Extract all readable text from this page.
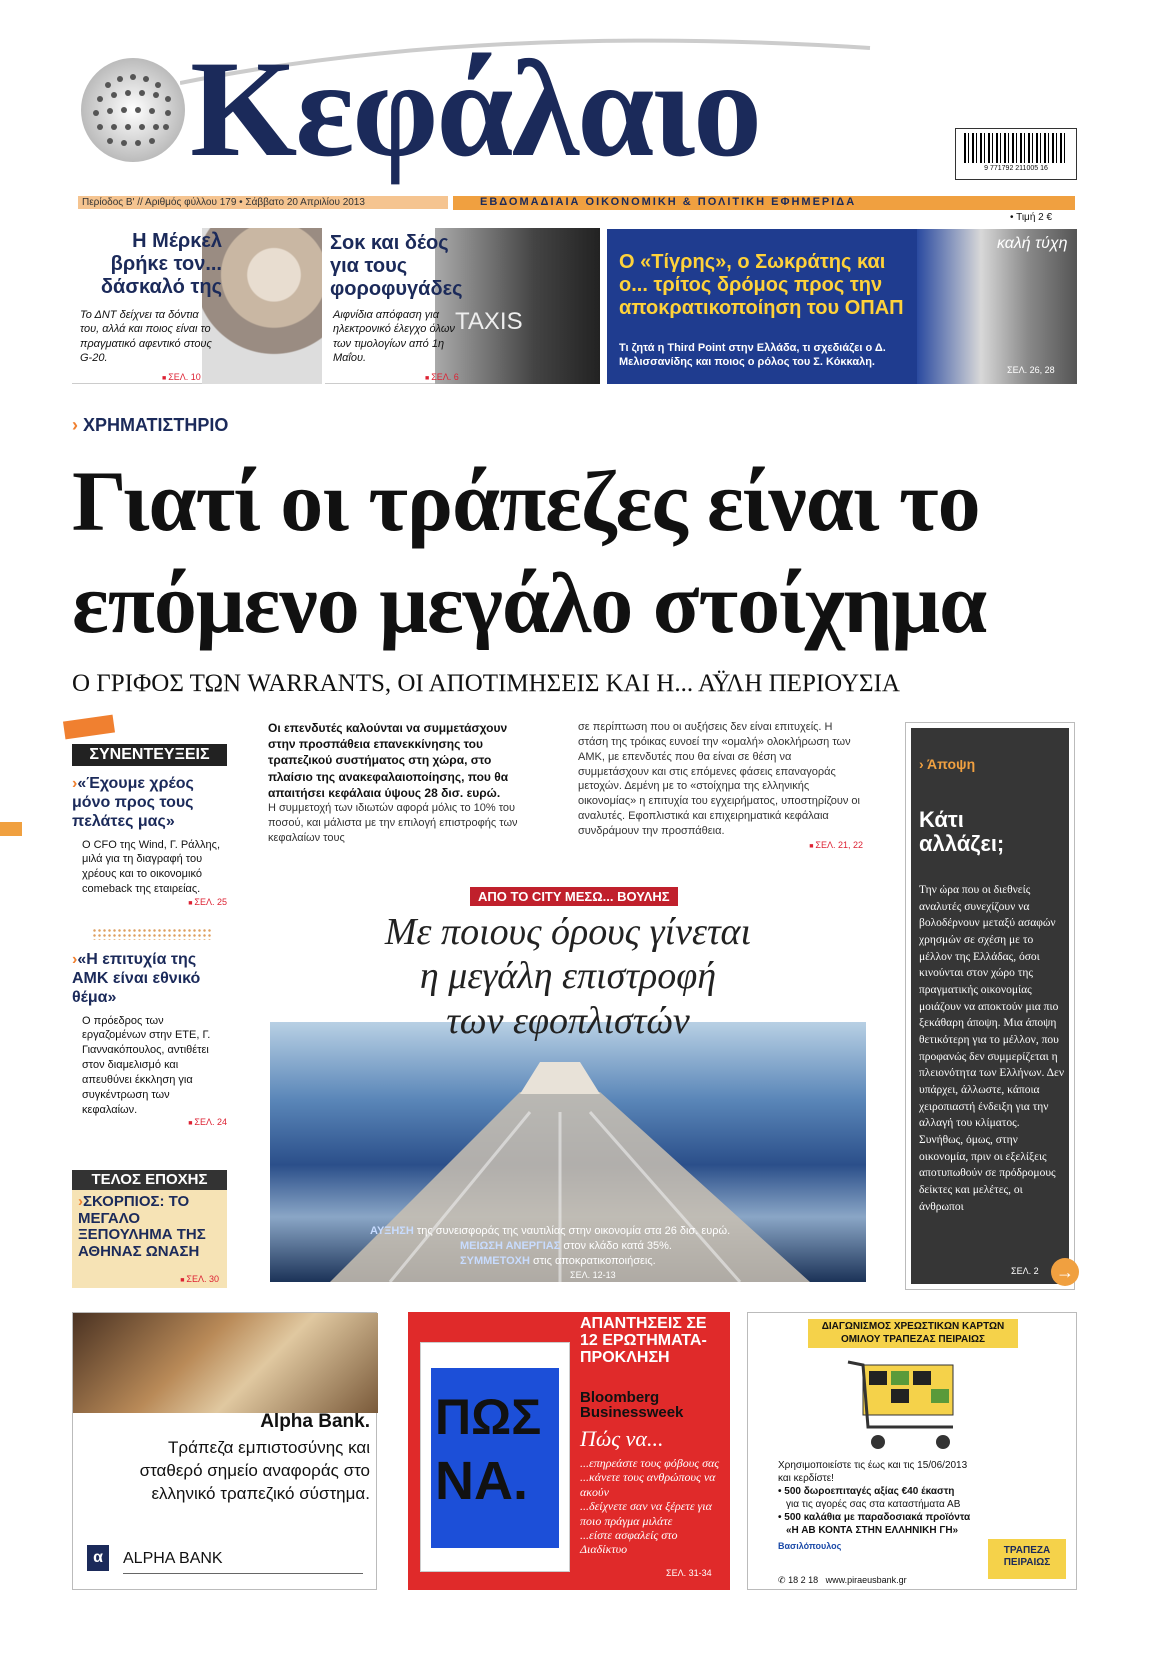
Κεφάλαιο	9 771792 211005 16
Περίοδος Β' // Αριθμός φύλλου 179 • Σάββατο 20 Απριλίου 2013	ΕΒΔΟΜΑΔΙΑΙΑ ΟΙΚΟΝΟΜΙΚΗ & ΠΟΛΙΤΙΚΗ ΕΦΗΜΕΡΙΔΑ
• Τιμή 2 €
Η Μέρκελ βρήκε τον... δάσκαλό της
Το ΔΝΤ δείχνει τα δόντια του, αλλά και ποιος είναι το πραγματικό αφεντικό στους G-20.
■ ΣΕΛ. 10
TAXIS
Σοκ και δέος για τους φοροφυγάδες
Αιφνίδια απόφαση για ηλεκτρονικό έλεγχο όλων των τιμολογίων από 1η Μαΐου.
■ ΣΕΛ. 6
καλή τύχη
Ο «Τίγρης», ο Σωκράτης και ο... τρίτος δρόμος προς την αποκρατικοποίηση του ΟΠΑΠ
Τι ζητά η Third Point στην Ελλάδα, τι σχεδιάζει ο Δ. Μελισσανίδης και ποιος ο ρόλος του Σ. Κόκκαλη.
ΣΕΛ. 26, 28
› ΧΡΗΜΑΤΙΣΤΗΡΙΟ
Γιατί οι τράπεζες είναι το
επόμενο μεγάλο στοίχημα
Ο ΓΡΙΦΟΣ ΤΩΝ WARRANTS, ΟΙ ΑΠΟΤΙΜΗΣΕΙΣ ΚΑΙ Η... ΑΫΛΗ ΠΕΡΙΟΥΣΙΑ
Οι επενδυτές καλούνται να συμμετάσχουν στην προσπάθεια επανεκκίνησης του τραπεζικού συστήματος στη χώρα, στο πλαίσιο της ανακεφαλαιοποίησης, που θα απαιτήσει κεφάλαια ύψους 28 δισ. ευρώ.
Η συμμετοχή των ιδιωτών αφορά μόλις το 10% του ποσού, και μάλιστα με την επιλογή επιστροφής των κεφαλαίων τους
σε περίπτωση που οι αυξήσεις δεν είναι επιτυχείς. Η στάση της τρόικας ευνοεί την «ομαλή» ολοκλήρωση των ΑΜΚ, με επενδυτές που θα είναι σε θέση να συμμετάσχουν και στις επόμενες φάσεις επαναγοράς μετοχών. Δεμένη με το «στοίχημα της ελληνικής οικονομίας» η επιτυχία του εγχειρήματος, υποστηρίζουν οι αναλυτές. Εφοπλιστικά και επιχειρηματικά κεφάλαια συνδράμουν την προσπάθεια.
■ ΣΕΛ. 21, 22
ΣΥΝΕΝΤΕΥΞΕΙΣ
›«Έχουμε χρέος μόνο προς τους πελάτες μας»
Ο CFO της Wind, Γ. Ράλλης, μιλά για τη διαγραφή του χρέους και το οικονομικό comeback της εταιρείας.
■ ΣΕΛ. 25
›«Η επιτυχία της ΑΜΚ είναι εθνικό θέμα»
Ο πρόεδρος των εργαζομένων στην ΕΤΕ, Γ. Γιαννακόπουλος, αντιθέτει στον διαμελισμό και απευθύνει έκκληση για συγκέντρωση των κεφαλαίων.
■ ΣΕΛ. 24
ΤΕΛΟΣ ΕΠΟΧΗΣ
›ΣΚΟΡΠΙΟΣ: ΤΟ ΜΕΓΑΛΟ ΞΕΠΟΥΛΗΜΑ ΤΗΣ ΑΘΗΝΑΣ ΩΝΑΣΗ
■ ΣΕΛ. 30
ΑΠΟ ΤΟ CITY ΜΕΣΩ... ΒΟΥΛΗΣ
Με ποιους όρους γίνεται
η μεγάλη επιστροφή
των εφοπλιστών
ΑΥΞΗΣΗ της συνεισφοράς της ναυτιλίας στην οικονομία στα 26 δισ. ευρώ.
ΜΕΙΩΣΗ ΑΝΕΡΓΙΑΣ στον κλάδο κατά 35%.
ΣΥΜΜΕΤΟΧΗ στις αποκρατικοποιήσεις.
ΣΕΛ. 12-13
› Άποψη
Κάτι αλλάζει;
Την ώρα που οι διεθνείς αναλυτές συνεχίζουν να βολοδέρνουν μεταξύ ασαφών χρησμών σε σχέση με το μέλλον της Ελλάδας, όσοι κινούνται στον χώρο της πραγματικής οικονομίας μοιάζουν να αποκτούν μια πιο ξεκάθαρη άποψη. Μια άποψη θετικότερη για το μέλλον, που προφανώς δεν συμμερίζεται η πλειονότητα των Ελλήνων. Δεν υπάρχει, άλλωστε, κάποια χειροπιαστή ένδειξη για την αλλαγή του κλίματος. Συνήθως, όμως, στην οικονομία, πριν οι εξελίξεις αποτυπωθούν σε πρόδρομους δείκτες και μελέτες, οι άνθρωποι
ΣΕΛ. 2 →
Alpha Bank.
Τράπεζα εμπιστοσύνης και σταθερό σημείο αναφοράς στο ελληνικό τραπεζικό σύστημα.
α	ALPHA BANK
ΠΩΣ
ΝΑ.
ΑΠΑΝΤΗΣΕΙΣ ΣΕ 12 ΕΡΩΤΗΜΑΤΑ-ΠΡΟΚΛΗΣΗ
Bloomberg
Businessweek
Πώς να...
...επηρεάστε τους φόβους σας
...κάνετε τους ανθρώπους να ακούν
...δείχνετε σαν να ξέρετε για ποιο πράγμα μιλάτε
...είστε ασφαλείς στο Διαδίκτυο
ΣΕΛ. 31-34
ΔΙΑΓΩΝΙΣΜΟΣ ΧΡΕΩΣΤΙΚΩΝ ΚΑΡΤΩΝ ΟΜΙΛΟΥ ΤΡΑΠΕΖΑΣ ΠΕΙΡΑΙΩΣ
Χρησιμοποιείστε τις έως και τις 15/06/2013
και κερδίστε!
• 500 δωροεπιταγές αξίας €40 έκαστη
για τις αγορές σας στα καταστήματα ΑΒ
• 500 καλάθια με παραδοσιακά προϊόντα
«Η ΑΒ ΚΟΝΤΑ ΣΤΗΝ ΕΛΛΗΝΙΚΗ ΓΗ»
Βασιλόπουλος
✆ 18 2 18 www.piraeusbank.gr
ΤΡΑΠΕΖΑ ΠΕΙΡΑΙΩΣ
